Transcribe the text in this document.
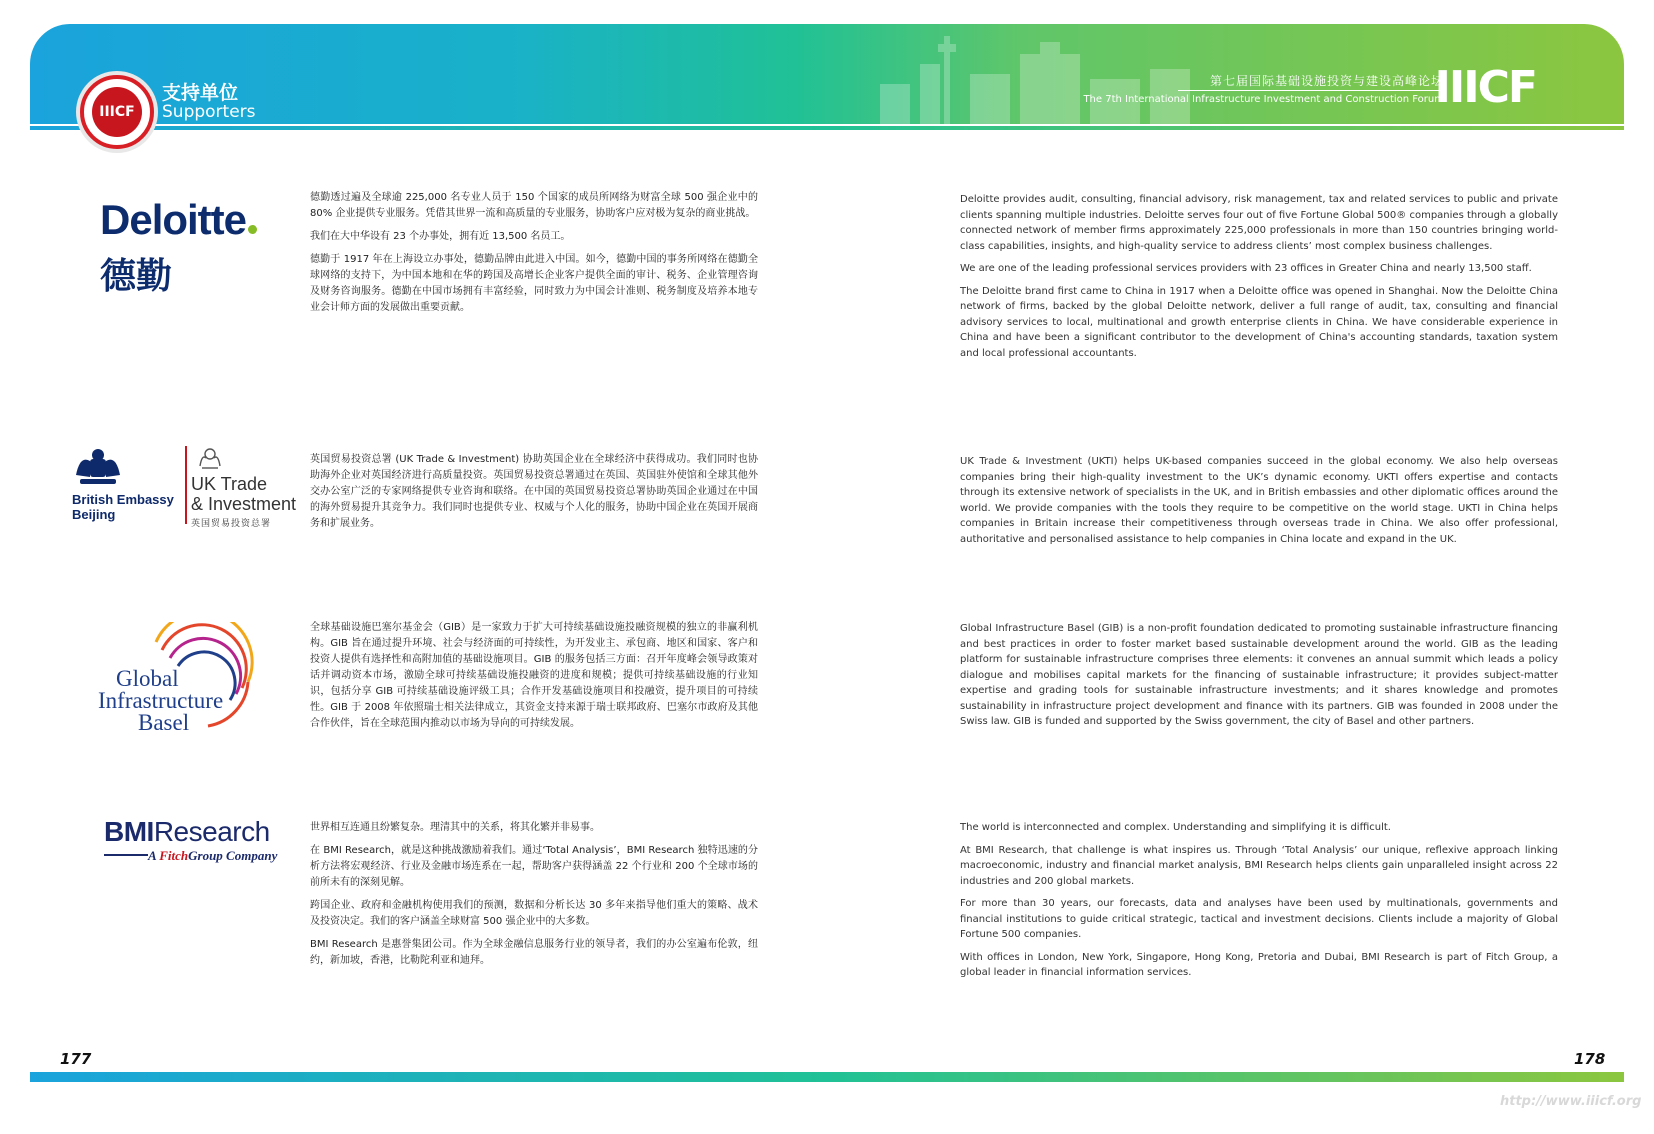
IIICF
支持单位
Supporters
第七届国际基础设施投资与建设高峰论坛
The 7th International Infrastructure Investment and Construction Forum
IIICF
Deloitte
德勤

德勤透过遍及全球逾 225,000 名专业人员于 150 个国家的成员所网络为财富全球 500 强企业中的 80% 企业提供专业服务。凭借其世界一流和高质量的专业服务，协助客户应对极为复杂的商业挑战。

我们在大中华设有 23 个办事处，拥有近 13,500 名员工。

德勤于 1917 年在上海设立办事处，德勤品牌由此进入中国。如今，德勤中国的事务所网络在德勤全球网络的支持下，为中国本地和在华的跨国及高增长企业客户提供全面的审计、税务、企业管理咨询及财务咨询服务。德勤在中国市场拥有丰富经验，同时致力为中国会计准则、税务制度及培养本地专业会计师方面的发展做出重要贡献。

Deloitte provides audit, consulting, financial advisory, risk management, tax and related services to public and private clients spanning multiple industries. Deloitte serves four out of five Fortune Global 500® companies through a globally connected network of member firms approximately 225,000 professionals in more than 150 countries bringing world-class capabilities, insights, and high-quality service to address clients’ most complex business challenges.

We are one of the leading professional services providers with 23 offices in Greater China and nearly 13,500 staff.

The Deloitte brand first came to China in 1917 when a Deloitte office was opened in Shanghai. Now the Deloitte China network of firms, backed by the global Deloitte network, deliver a full range of audit, tax, consulting and financial advisory services to local, multinational and growth enterprise clients in China. We have considerable experience in China and have been a significant contributor to the development of China's accounting standards, taxation system and local professional accountants.

British Embassy
Beijing
UK Trade
& Investment
英国贸易投资总署

英国贸易投资总署 (UK Trade & Investment) 协助英国企业在全球经济中获得成功。我们同时也协助海外企业对英国经济进行高质量投资。英国贸易投资总署通过在英国、英国驻外使馆和全球其他外交办公室广泛的专家网络提供专业咨询和联络。在中国的英国贸易投资总署协助英国企业通过在中国的海外贸易提升其竞争力。我们同时也提供专业、权威与个人化的服务，协助中国企业在英国开展商务和扩展业务。

UK Trade & Investment (UKTI) helps UK-based companies succeed in the global economy. We also help overseas companies bring their high-quality investment to the UK’s dynamic economy. UKTI offers expertise and contacts through its extensive network of specialists in the UK, and in British embassies and other diplomatic offices around the world. We provide companies with the tools they require to be competitive on the world stage. UKTI in China helps companies in Britain increase their competitiveness through overseas trade in China. We also offer professional, authoritative and personalised assistance to help companies in China locate and expand in the UK.

Global
Infrastructure
Basel

全球基础设施巴塞尔基金会（GIB）是一家致力于扩大可持续基础设施投融资规模的独立的非赢利机构。GIB 旨在通过提升环境、社会与经济面的可持续性，为开发业主、承包商、地区和国家、客户和投资人提供有选择性和高附加值的基础设施项目。GIB 的服务包括三方面：召开年度峰会领导政策对话并调动资本市场，激励全球可持续基础设施投融资的进度和规模；提供可持续基础设施的行业知识，包括分享 GIB 可持续基础设施评级工具；合作开发基础设施项目和投融资，提升项目的可持续性。GIB 于 2008 年依照瑞士相关法律成立，其资金支持来源于瑞士联邦政府、巴塞尔市政府及其他合作伙伴，旨在全球范围内推动以市场为导向的可持续发展。

Global Infrastructure Basel (GIB) is a non-profit foundation dedicated to promoting sustainable infrastructure financing and best practices in order to foster market based sustainable development around the world. GIB as the leading platform for sustainable infrastructure comprises three elements: it convenes an annual summit which leads a policy dialogue and mobilises capital markets for the financing of sustainable infrastructure; it provides subject-matter expertise and grading tools for sustainable infrastructure investments; and it shares knowledge and promotes sustainability in infrastructure project development and finance with its partners. GIB was founded in 2008 under the Swiss law. GIB is funded and supported by the Swiss government, the city of Basel and other partners.

BMIResearch
A FitchGroup Company

世界相互连通且纷繁复杂。理清其中的关系，将其化繁并非易事。

在 BMI Research，就是这种挑战激励着我们。通过‘Total Analysis’，BMI Research 独特迅速的分析方法将宏观经济、行业及金融市场连系在一起，帮助客户获得涵盖 22 个行业和 200 个全球市场的前所未有的深刻见解。

跨国企业、政府和金融机构使用我们的预测，数据和分析长达 30 多年来指导他们重大的策略、战术及投资决定。我们的客户涵盖全球财富 500 强企业中的大多数。

BMI Research 是惠誉集团公司。作为全球金融信息服务行业的领导者，我们的办公室遍布伦敦，纽约，新加坡，香港，比勒陀利亚和迪拜。

The world is interconnected and complex. Understanding and simplifying it is difficult.

At BMI Research, that challenge is what inspires us. Through ‘Total Analysis’ our unique, reflexive approach linking macroeconomic, industry and financial market analysis, BMI Research helps clients gain unparalleled insight across 22 industries and 200 global markets.

For more than 30 years, our forecasts, data and analyses have been used by multinationals, governments and financial institutions to guide critical strategic, tactical and investment decisions. Clients include a majority of Global Fortune 500 companies.

With offices in London, New York, Singapore, Hong Kong, Pretoria and Dubai, BMI Research is part of Fitch Group, a global leader in financial information services.

177	178
http://www.iiicf.org
